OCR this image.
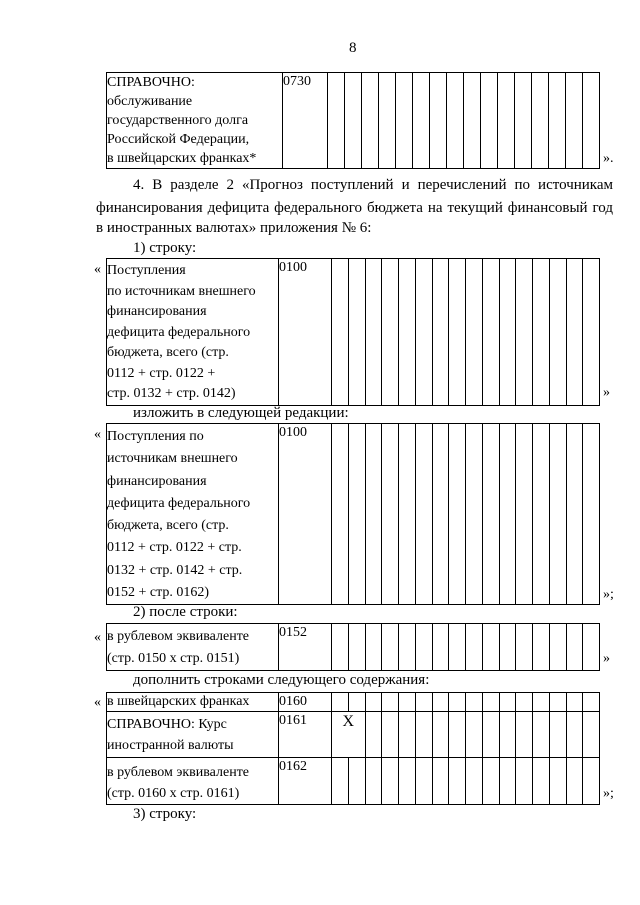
8
СПРАВОЧНО:
обслуживание
государственного долга
Российской Федерации,
в швейцарских франках*
	0730																
».
4. В разделе 2 «Прогноз поступлений и перечислений по источникам
финансирования дефицита федерального бюджета на текущий финансовый год
в иностранных валютах» приложения № 6:
1) строку:
« Поступления
по источникам внешнего
финансирования
дефицита федерального
бюджета, всего (стр.
0112 + стр. 0122 +
стр. 0132 + стр. 0142)
	0100																
»
изложить в следующей редакции:
« Поступления по
источникам внешнего
финансирования
дефицита федерального
бюджета, всего (стр.
0112 + стр. 0122 + стр.
0132 + стр. 0142 + стр.
0152 + стр. 0162)
	0100																
»;
2) после строки:
« в рублевом эквиваленте
(стр. 0150 х стр. 0151)
	0152																
»
дополнить строками следующего содержания:
« в швейцарских франках	0160																

СПРАВОЧНО: Курс
иностранной валюты	0161	Х															

в рублевом эквиваленте
(стр. 0160 х стр. 0161)	0162																
»;
3) строку:
